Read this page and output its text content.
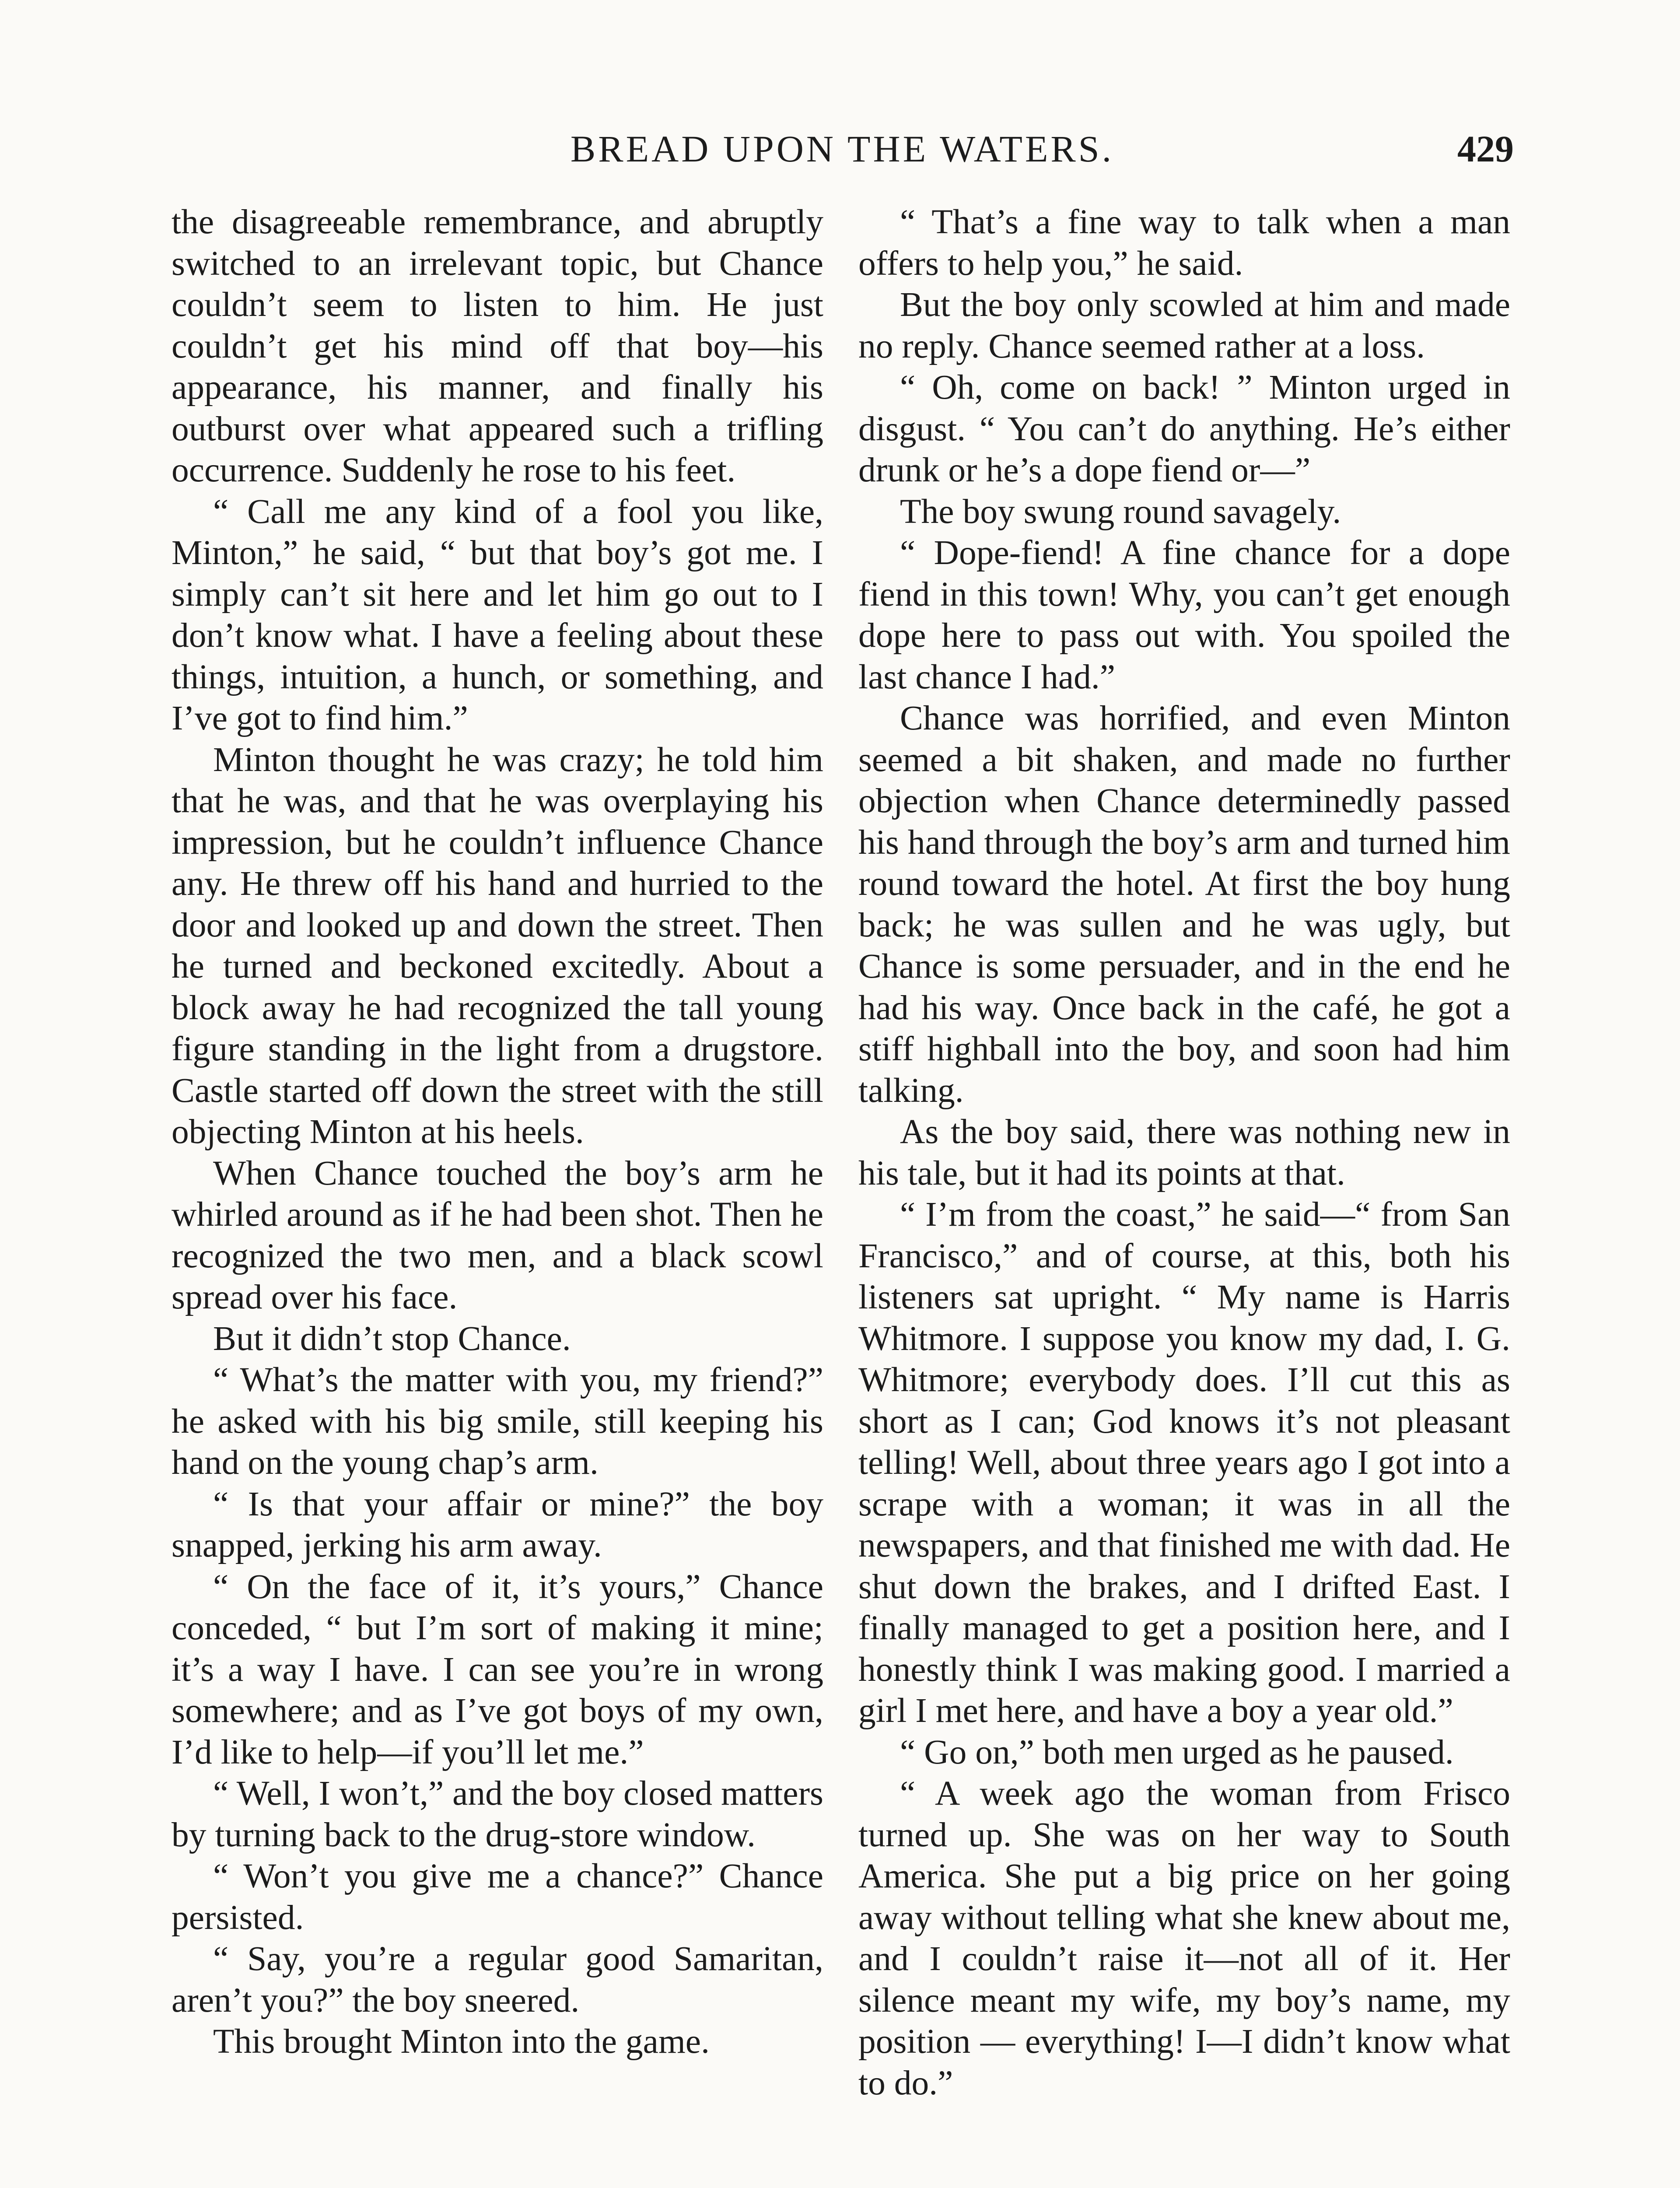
BREAD UPON THE WATERS.	429

the disagreeable remembrance, and abruptly switched to an irrelevant topic, but Chance couldn’t seem to listen to him. He just couldn’t get his mind off that boy—his appearance, his manner, and finally his outburst over what appeared such a trifling occurrence. Suddenly he rose to his feet.

“ Call me any kind of a fool you like, Minton,” he said, “ but that boy’s got me. I simply can’t sit here and let him go out to I don’t know what. I have a feeling about these things, intuition, a hunch, or something, and I’ve got to find him.”

Minton thought he was crazy; he told him that he was, and that he was overplaying his impression, but he couldn’t influence Chance any. He threw off his hand and hurried to the door and looked up and down the street. Then he turned and beckoned excitedly. About a block away he had recognized the tall young figure standing in the light from a drugstore. Castle started off down the street with the still objecting Minton at his heels.

When Chance touched the boy’s arm he whirled around as if he had been shot. Then he recognized the two men, and a black scowl spread over his face.

But it didn’t stop Chance.

“ What’s the matter with you, my friend?” he asked with his big smile, still keeping his hand on the young chap’s arm.

“ Is that your affair or mine?” the boy snapped, jerking his arm away.

“ On the face of it, it’s yours,” Chance conceded, “ but I’m sort of making it mine; it’s a way I have. I can see you’re in wrong somewhere; and as I’ve got boys of my own, I’d like to help—if you’ll let me.”

“ Well, I won’t,” and the boy closed matters by turning back to the drug-store window.

“ Won’t you give me a chance?” Chance persisted.

“ Say, you’re a regular good Samaritan, aren’t you?” the boy sneered.

This brought Minton into the game.

“ That’s a fine way to talk when a man offers to help you,” he said.

But the boy only scowled at him and made no reply. Chance seemed rather at a loss.

“ Oh, come on back! ” Minton urged in disgust. “ You can’t do anything. He’s either drunk or he’s a dope fiend or—”

The boy swung round savagely.

“ Dope-fiend! A fine chance for a dope fiend in this town! Why, you can’t get enough dope here to pass out with. You spoiled the last chance I had.”

Chance was horrified, and even Minton seemed a bit shaken, and made no further objection when Chance determinedly passed his hand through the boy’s arm and turned him round toward the hotel. At first the boy hung back; he was sullen and he was ugly, but Chance is some persuader, and in the end he had his way. Once back in the café, he got a stiff highball into the boy, and soon had him talking.

As the boy said, there was nothing new in his tale, but it had its points at that.

“ I’m from the coast,” he said—“ from San Francisco,” and of course, at this, both his listeners sat upright. “ My name is Harris Whitmore. I suppose you know my dad, I. G. Whitmore; everybody does. I’ll cut this as short as I can; God knows it’s not pleasant telling! Well, about three years ago I got into a scrape with a woman; it was in all the newspapers, and that finished me with dad. He shut down the brakes, and I drifted East. I finally managed to get a position here, and I honestly think I was making good. I married a girl I met here, and have a boy a year old.”

“ Go on,” both men urged as he paused.

“ A week ago the woman from Frisco turned up. She was on her way to South America. She put a big price on her going away without telling what she knew about me, and I couldn’t raise it—not all of it. Her silence meant my wife, my boy’s name, my position — everything! I—I didn’t know what to do.”
